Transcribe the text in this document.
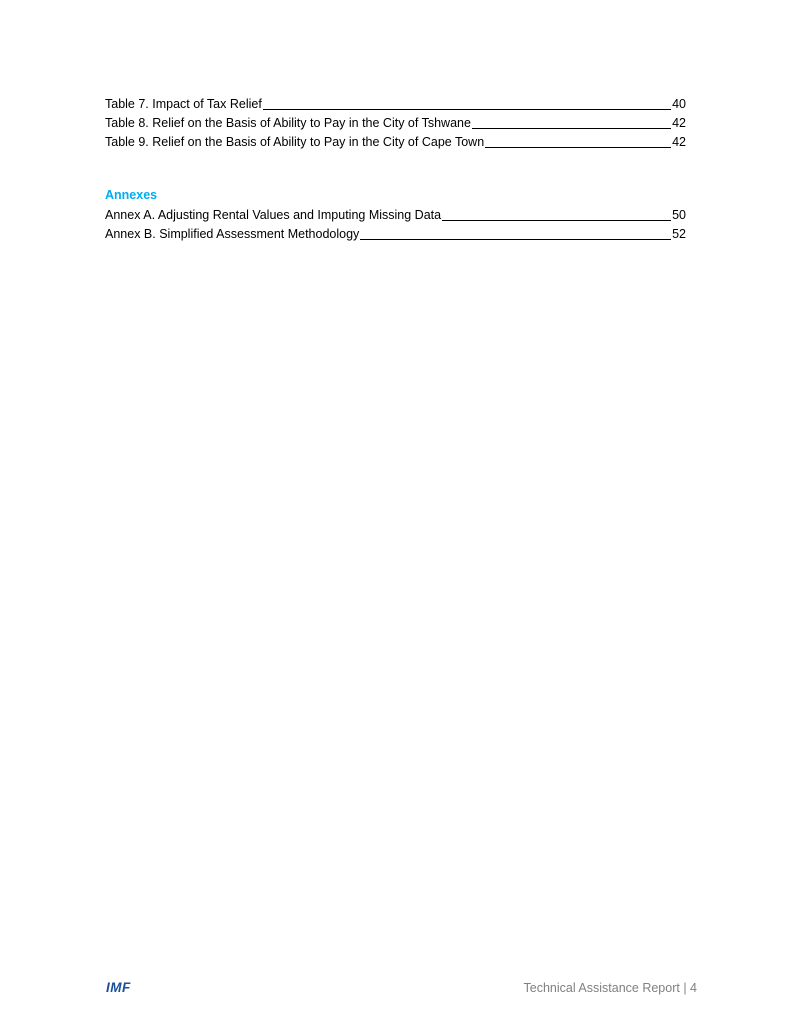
Table 7. Impact of Tax Relief	40
Table 8. Relief on the Basis of Ability to Pay in the City of Tshwane	42
Table 9. Relief on the Basis of Ability to Pay in the City of Cape Town	42
Annexes
Annex A. Adjusting Rental Values and Imputing Missing Data	50
Annex B. Simplified Assessment Methodology	52
IMF	Technical Assistance Report | 4
